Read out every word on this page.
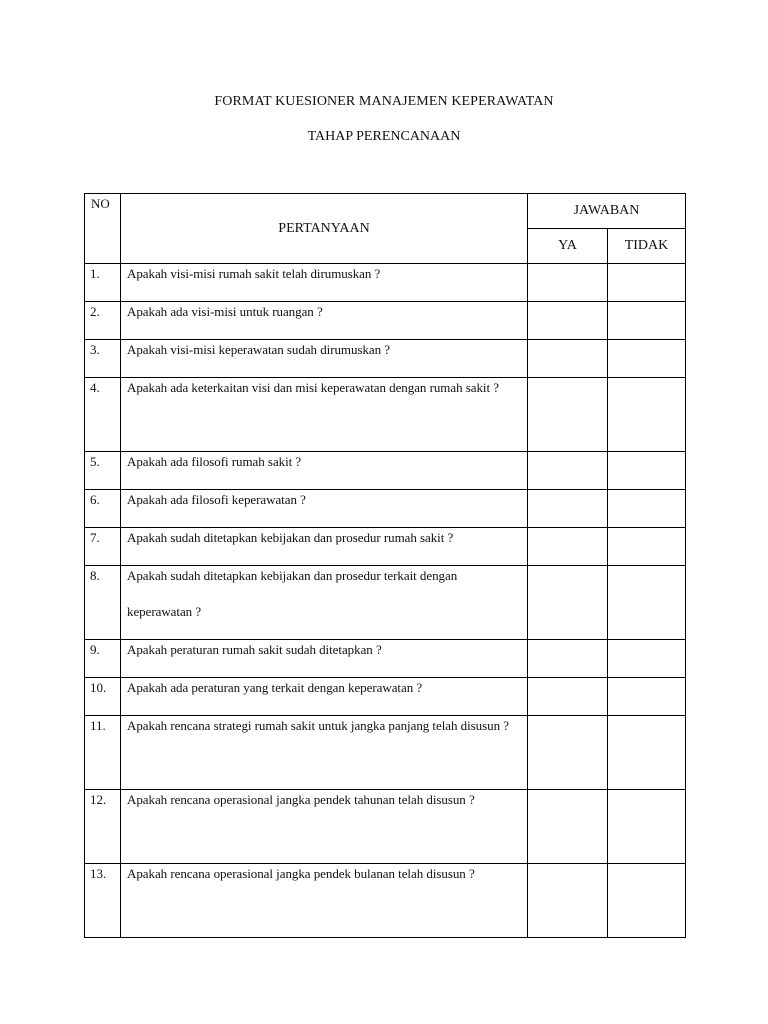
FORMAT KUESIONER MANAJEMEN KEPERAWATAN
TAHAP PERENCANAAN
NO	PERTANYAAN	JAWABAN	
		YA	TIDAK
1.	Apakah visi-misi rumah sakit telah dirumuskan ?		

2.	Apakah ada visi-misi untuk ruangan ?		

3.	Apakah visi-misi keperawatan sudah dirumuskan ?		

4.	Apakah ada keterkaitan visi dan misi keperawatan dengan rumah sakit ?		

5.	Apakah ada filosofi rumah sakit ?		

6.	Apakah ada filosofi keperawatan ?		

7.	Apakah sudah ditetapkan kebijakan dan prosedur rumah sakit ?		

8.	Apakah sudah ditetapkan kebijakan dan prosedur terkait dengan keperawatan ?		

9.	Apakah peraturan rumah sakit sudah ditetapkan ?		

10.	Apakah ada peraturan yang terkait dengan keperawatan ?		

11.	Apakah rencana strategi rumah sakit untuk jangka panjang telah disusun ?		

12.	Apakah rencana operasional jangka pendek tahunan telah disusun ?		

13.	Apakah rencana operasional jangka pendek bulanan telah disusun ?		
